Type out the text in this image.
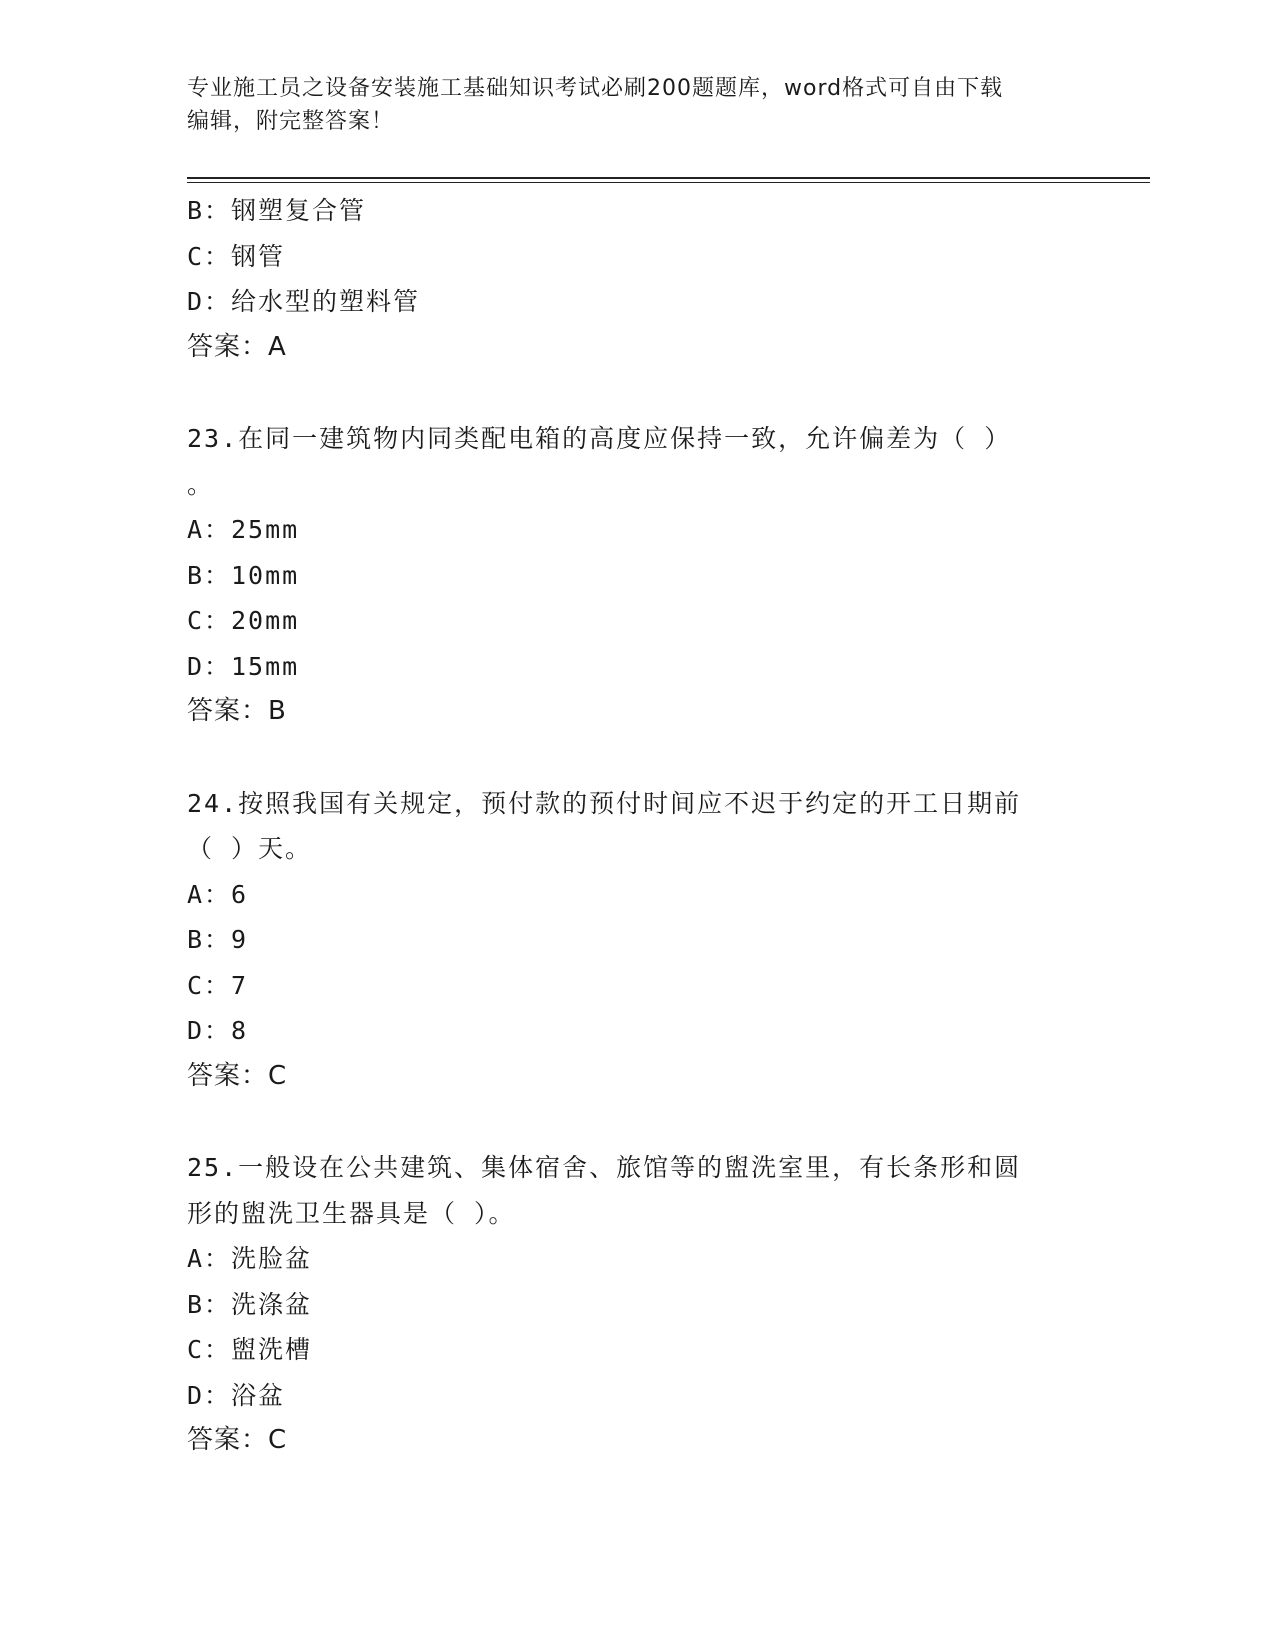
专业施工员之设备安装施工基础知识考试必刷200题题库，word格式可自由下载
编辑，附完整答案！
B：钢塑复合管
C：钢管
D：给水型的塑料管
答案：A
23.在同一建筑物内同类配电箱的高度应保持一致，允许偏差为（ ）
。
A：25mm
B：10mm
C：20mm
D：15mm
答案：B
24.按照我国有关规定，预付款的预付时间应不迟于约定的开工日期前
（ ）天。
A：6
B：9
C：7
D：8
答案：C
25.一般设在公共建筑、集体宿舍、旅馆等的盥洗室里，有长条形和圆
形的盥洗卫生器具是（ ）。
A：洗脸盆
B：洗涤盆
C：盥洗槽
D：浴盆
答案：C
